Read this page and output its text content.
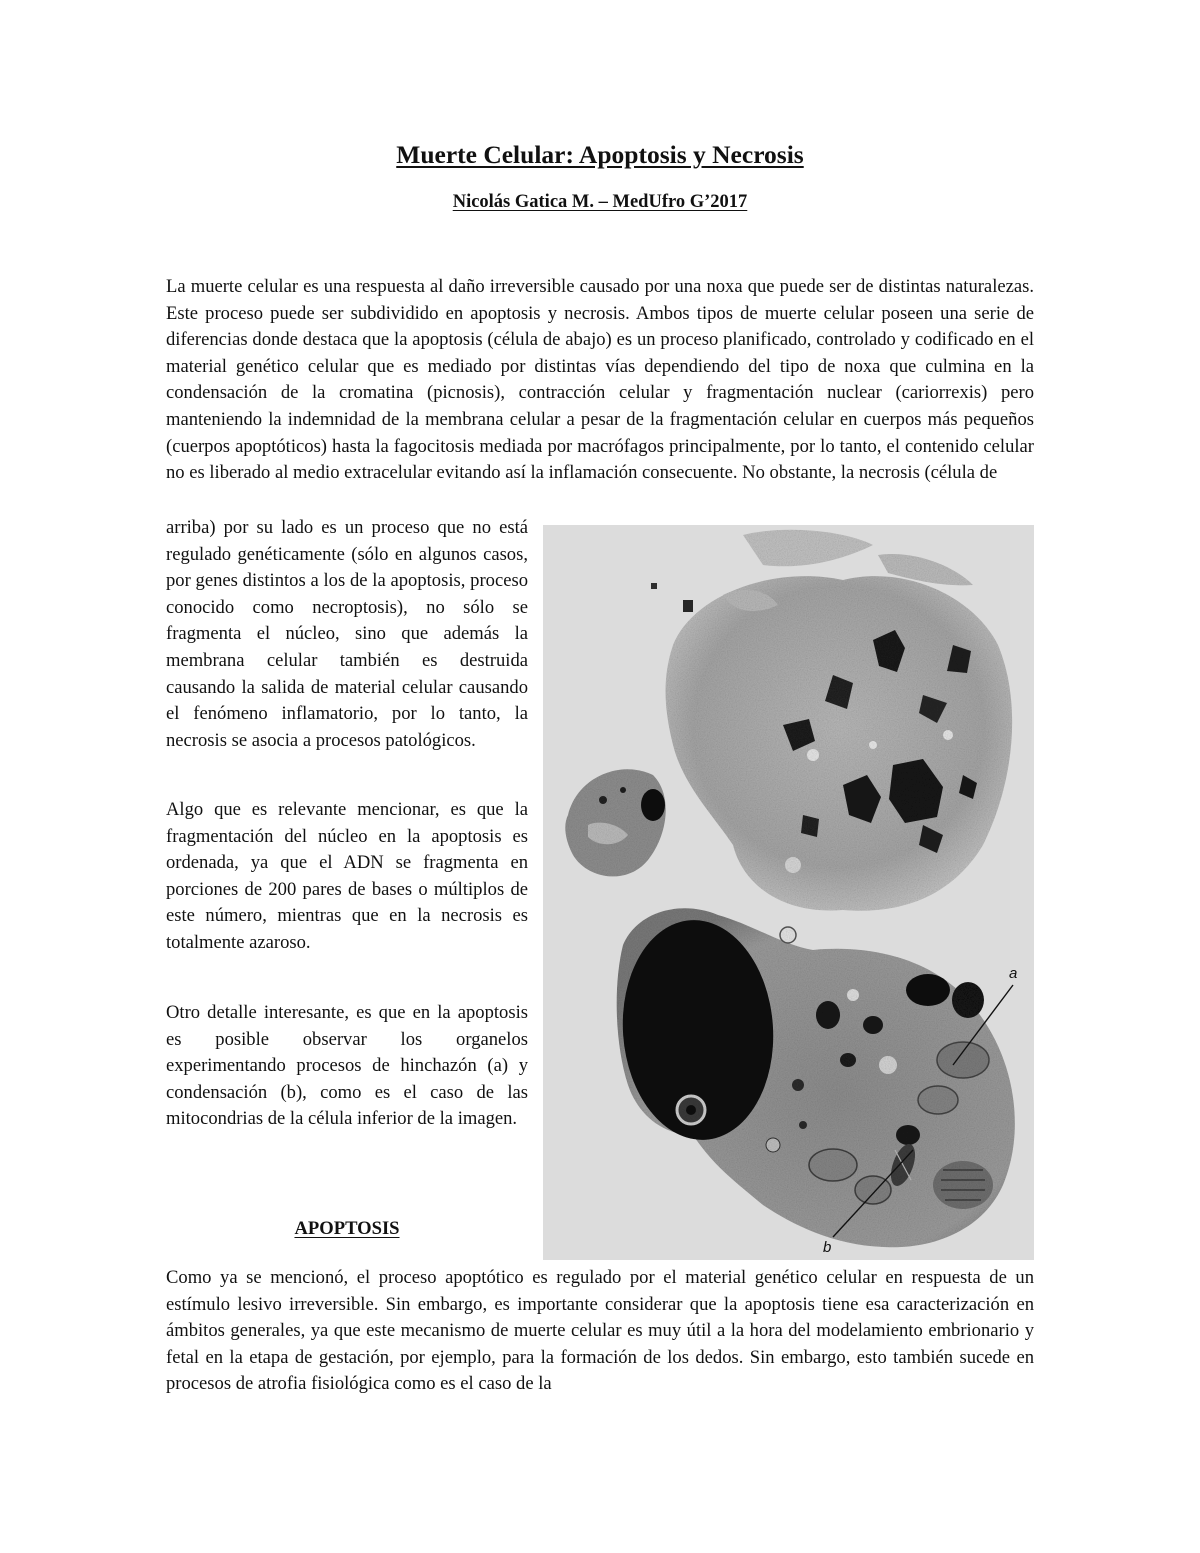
Muerte Celular: Apoptosis y Necrosis
Nicolás Gatica M. – MedUfro G’2017

La muerte celular es una respuesta al daño irreversible causado por una noxa que puede ser de distintas naturalezas. Este proceso puede ser subdividido en apoptosis y necrosis. Ambos tipos de muerte celular poseen una serie de diferencias donde destaca que la apoptosis (célula de abajo) es un proceso planificado, controlado y codificado en el material genético celular que es mediado por distintas vías dependiendo del tipo de noxa que culmina en la condensación de la cromatina (picnosis), contracción celular y fragmentación nuclear (cariorrexis) pero manteniendo la indemnidad de la membrana celular a pesar de la fragmentación celular en cuerpos más pequeños (cuerpos apoptóticos) hasta la fagocitosis mediada por macrófagos principalmente, por lo tanto, el contenido celular no es liberado al medio extracelular evitando así la inflamación consecuente. No obstante, la necrosis (célula de

arriba) por su lado es un proceso que no está regulado genéticamente (sólo en algunos casos, por genes distintos a los de la apoptosis, proceso conocido como necroptosis), no sólo se fragmenta el núcleo, sino que además la membrana celular también es destruida causando la salida de material celular causando el fenómeno inflamatorio, por lo tanto, la necrosis se asocia a procesos patológicos.

Algo que es relevante mencionar, es que la fragmentación del núcleo en la apoptosis es ordenada, ya que el ADN se fragmenta en porciones de 200 pares de bases o múltiplos de este número, mientras que en la necrosis es totalmente azaroso.

Otro detalle interesante, es que en la apoptosis es posible observar los organelos experimentando procesos de hinchazón (a) y condensación (b), como es el caso de las mitocondrias de la célula inferior de la imagen.

APOPTOSIS

Como ya se mencionó, el proceso apoptótico es regulado por el material genético celular en respuesta de un estímulo lesivo irreversible. Sin embargo, es importante considerar que la apoptosis tiene esa caracterización en ámbitos generales, ya que este mecanismo de muerte celular es muy útil a la hora del modelamiento embrionario y fetal en la etapa de gestación, por ejemplo, para la formación de los dedos. Sin embargo, esto también sucede en procesos de atrofia fisiológica como es el caso de la

a
b
